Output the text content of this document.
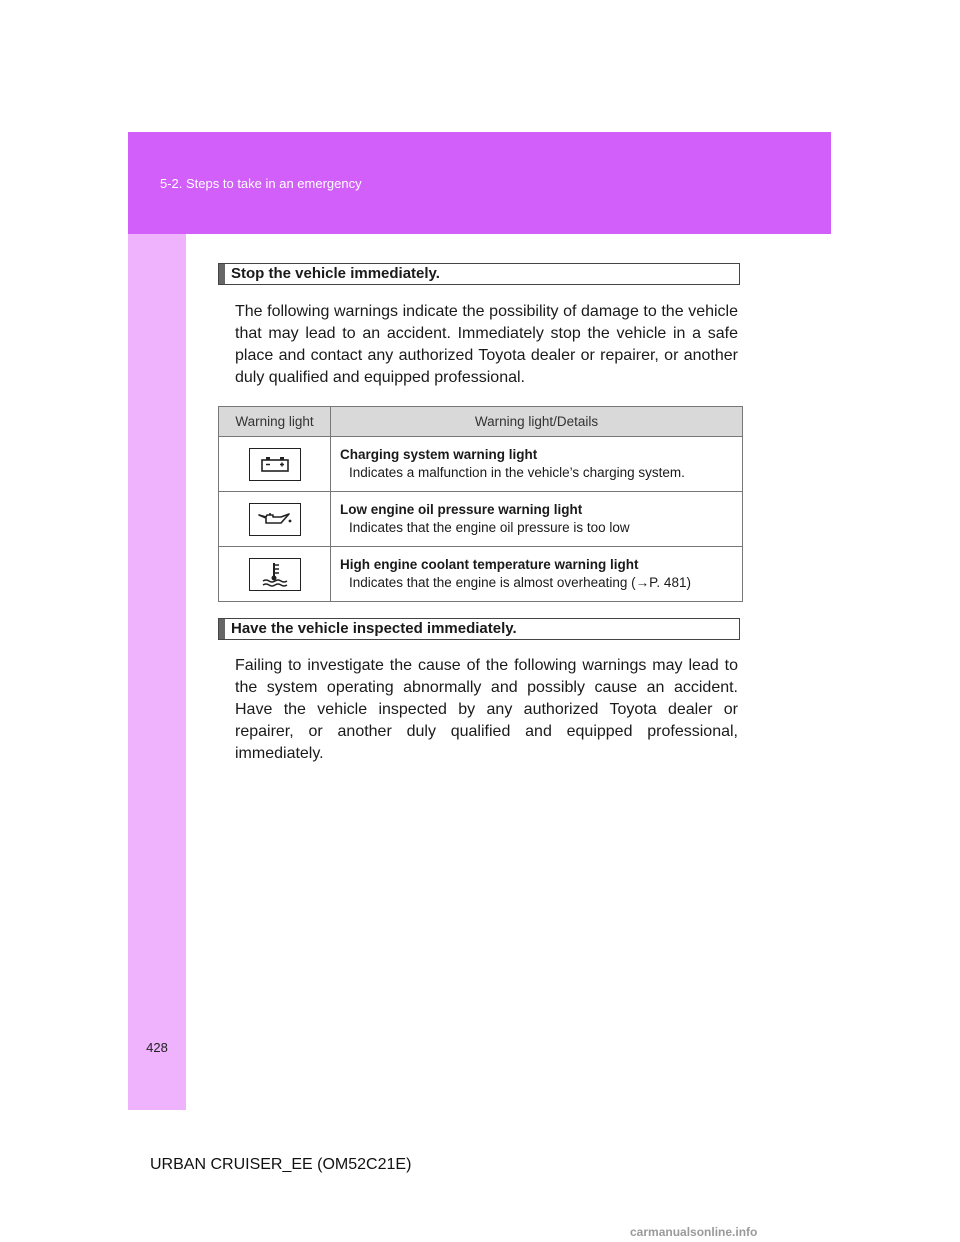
5-2. Steps to take in an emergency
428
Stop the vehicle immediately.

The following warnings indicate the possibility of damage to the vehicle that may lead to an accident. Immediately stop the vehicle in a safe place and contact any authorized Toyota dealer or repairer, or another duly qualified and equipped professional.

Warning light	Warning light/Details

Charging system warning light
Indicates a malfunction in the vehicle’s charging system.

Low engine oil pressure warning light
Indicates that the engine oil pressure is too low

High engine coolant temperature warning light
Indicates that the engine is almost overheating (→P. 481)
Have the vehicle inspected immediately.

Failing to investigate the cause of the following warnings may lead to the system operating abnormally and possibly cause an accident. Have the vehicle inspected by any authorized Toyota dealer or repairer, or another duly qualified and equipped professional, immediately.

URBAN CRUISER_EE (OM52C21E)
carmanualsonline.info
